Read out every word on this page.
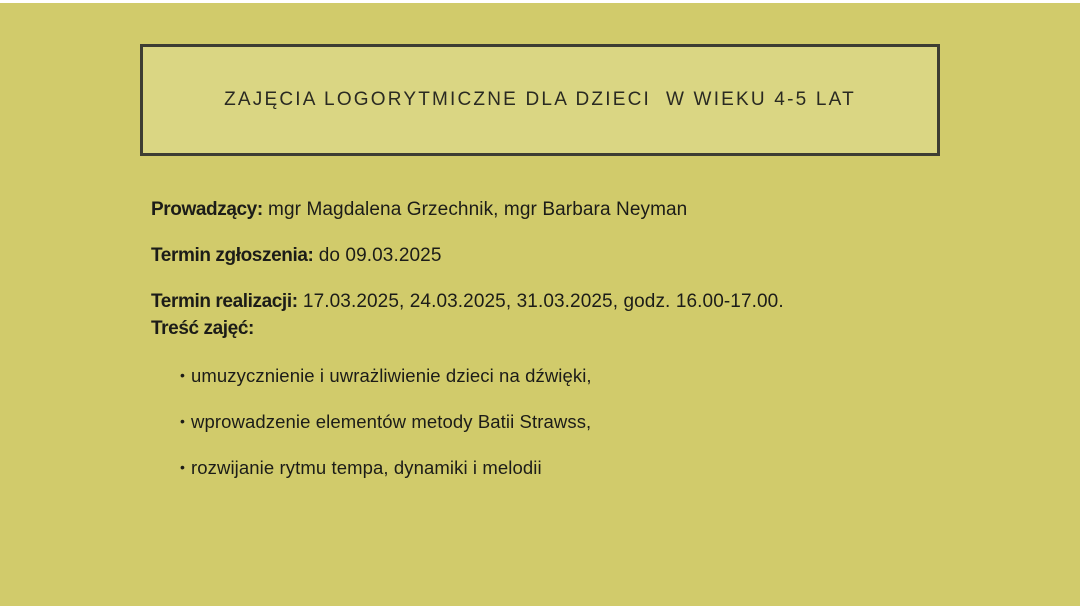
ZAJĘCIA LOGORYTMICZNE DLA DZIECI  W WIEKU 4-5 LAT
Prowadzący: mgr Magdalena Grzechnik, mgr Barbara Neyman
Termin zgłoszenia: do 09.03.2025
Termin realizacji: 17.03.2025, 24.03.2025, 31.03.2025, godz. 16.00-17.00.
Treść zajęć:
• umuzycznienie i uwrażliwienie dzieci na dźwięki,
• wprowadzenie elementów metody Batii Strawss,
• rozwijanie rytmu tempa, dynamiki i melodii
